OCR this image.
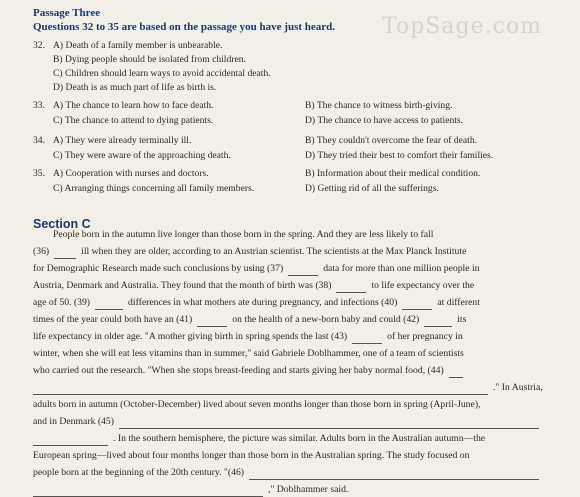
TopSage.com
Passage Three
Questions 32 to 35 are based on the passage you have just heard.
32. A) Death of a family member is unbearable.
B) Dying people should be isolated from children.
C) Children should learn ways to avoid accidental death.
D) Death is as much part of life as birth is.
33. A) The chance to learn how to face death.	B) The chance to witness birth-giving.
C) The chance to attend to dying patients.	D) The chance to have access to patients.
34. A) They were already terminally ill.	B) They couldn't overcome the fear of death.
C) They were aware of the approaching death.	D) They tried their best to comfort their families.
35. A) Cooperation with nurses and doctors.	B) Information about their medical condition.
C) Arranging things concerning all family members.	D) Getting rid of all the sufferings.
Section C
People born in the autumn live longer than those born in the spring. And they are less likely to fall
(36)	ill when they are older, according to an Austrian scientist. The scientists at the Max Planck Institute
for Demographic Research made such conclusions by using (37)	data for more than one million people in
Austria, Denmark and Australia. They found that the month of birth was (38)	to life expectancy over the
age of 50. (39)	differences in what mothers ate during pregnancy, and infections (40)	at different
times of the year could both have an (41)	on the health of a new-born baby and could (42)	its
life expectancy in older age. "A mother giving birth in spring spends the last (43)	of her pregnancy in
winter, when she will eat less vitamins than in summer," said Gabriele Doblhammer, one of a team of scientists
who carried out the research. "When she stops breast-feeding and starts giving her baby normal food, (44)
." In Austria,
adults born in autumn (October-December) lived about seven months longer than those born in spring (April-June),
and in Denmark (45)
. In the southern hemisphere, the picture was similar. Adults born in the Australian autumn—the
European spring—lived about four months longer than those born in the Australian spring. The study focused on
people born at the beginning of the 20th century. "(46)
," Doblhammer said.
